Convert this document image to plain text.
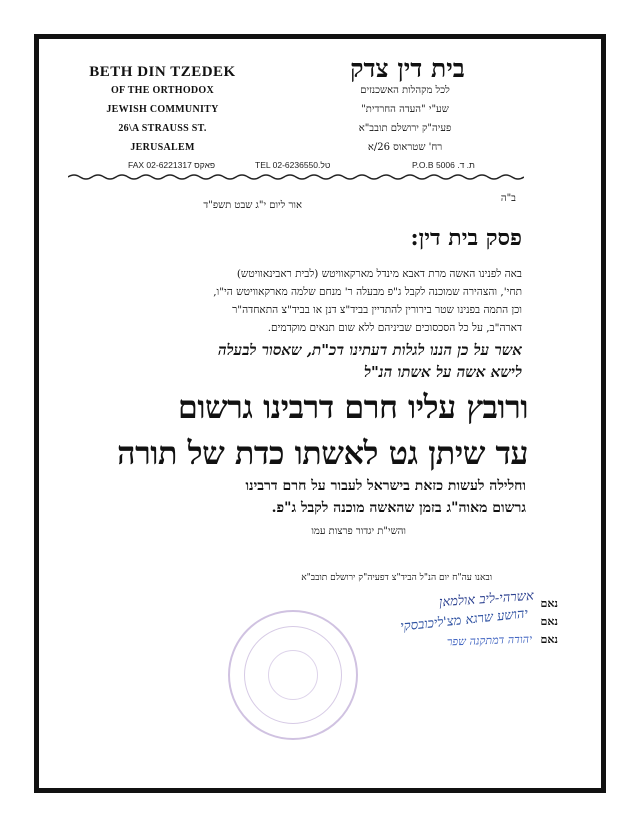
BETH DIN TZEDEK
OF THE ORTHODOX
JEWISH COMMUNITY
26\A STRAUSS ST.
JERUSALEM
בית דין צדק
לכל מקהלות האשכנזים
שע"י "העדה החרדית"
פעיה"ק ירושלם תובב"א
רח' שטראוס 26/א
FAX 02-6221317 פאקס	TEL 02-6236550.טל	P.O.B 5006 .ת. ד
ב"ה
אור ליום י"ג שבט תשפ"ד
פסק בית דין:
באה לפנינו האשה מרת דאבא מינדל מארקאוויטש (לבית ראבינאוויטש)
תחי', והצהירה שמוכנה לקבל ג"פ מבעלה ר' מנחם שלמה מארקאוויטש הי"ו,
וכן התמה בפנינו שטר בירורין להתדיין בביד"צ דנן או בביד"צ התאחדה"ר
דארה"ב, על כל הסכסוכים שביניהם ללא שום תנאים מוקדמים.
אשר על כן הננו לגלות דעתינו דכ"ת, שאסור לבעלה
לישא אשה על אשתו הנ"ל
ורובץ עליו חרם דרבינו גרשום
עד שיתן גט לאשתו כדת של תורה
וחלילה לעשות כזאת בישראל לעבור על חרם דרבינו
גרשום מאוה"ג בזמן שהאשה מוכנה לקבל ג"פ.
והשי"ת יגדור פרצות עמו
ובאנו עה"ח יום הנ"ל הביד"צ דפעיה"ק ירושלם תובב"א
נאם
נאם
נאם
אשרהי-ליב אולמאן
יהושע שרגא מצ'ליכובסקי
יהודה דמתקנה שפר
